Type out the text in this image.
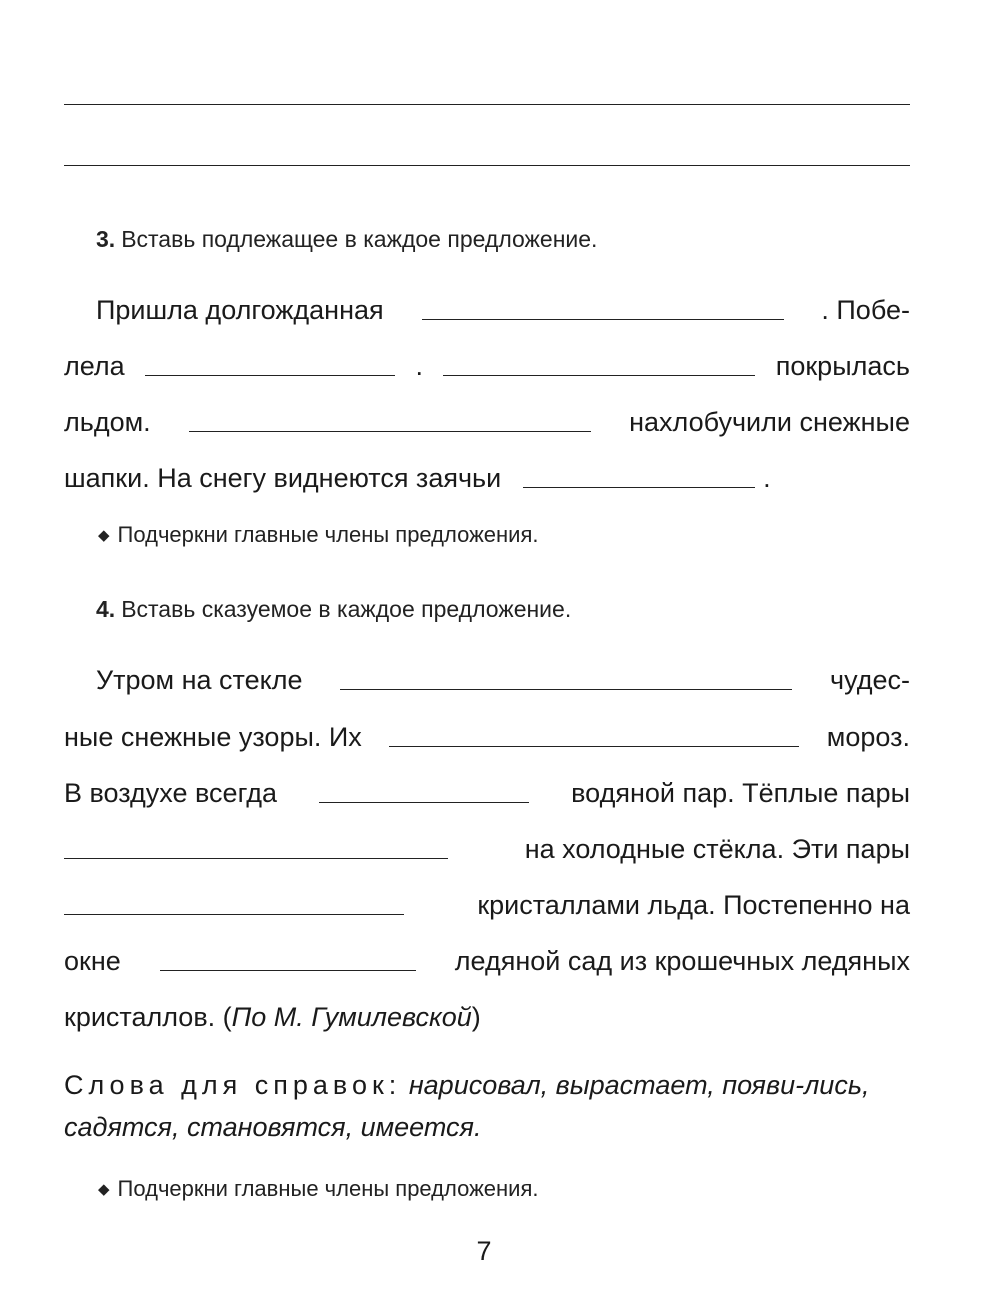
3. Вставь подлежащее в каждое предложение.
Пришла долгожданная	. Побе-
лела	.	покрылась
льдом.	нахлобучили снежные
шапки. На снегу виднеются заячьи	.
◆ Подчеркни главные члены предложения.
4. Вставь сказуемое в каждое предложение.
Утром на стекле	чудес-
ные снежные узоры. Их	мороз.
В воздухе всегда	водяной пар. Тёплые пары
на холодные стёкла. Эти пары
кристаллами льда. Постепенно на
окне	ледяной сад из крошечных ледяных
кристаллов. ( По М. Гумилевской )
Слова для справок: нарисовал, вырастает, появи-лись, садятся, становятся, имеется.
◆ Подчеркни главные члены предложения.
7
